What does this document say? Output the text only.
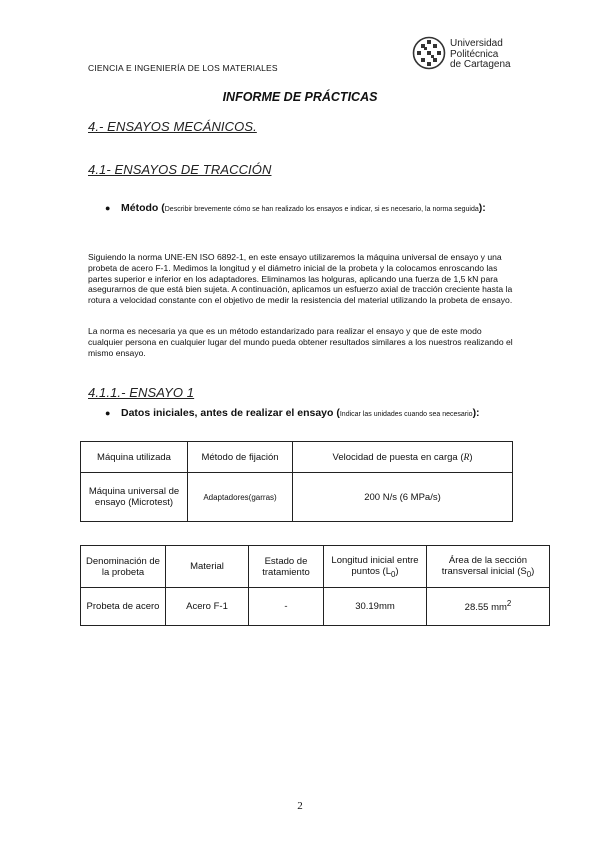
Universidad
Politécnica
de Cartagena
CIENCIA E INGENIERÍA DE LOS MATERIALES
INFORME DE PRÁCTICAS
4.- ENSAYOS MECÁNICOS.
4.1- ENSAYOS DE TRACCIÓN
● Método (Describir brevemente cómo se han realizado los ensayos e indicar, si es necesario, la norma seguida):
Siguiendo la norma UNE-EN ISO 6892-1, en este ensayo utilizaremos la máquina universal de ensayo y una probeta de acero F-1. Medimos la longitud y el diámetro inicial de la probeta y la colocamos enroscando las partes superior e inferior en los adaptadores. Eliminamos las holguras, aplicando una fuerza de 1,5 kN para asegurarnos de que está bien sujeta. A continuación, aplicamos un esfuerzo axial de tracción creciente hasta la rotura a velocidad constante con el objetivo de medir la resistencia del material utilizando la probeta de ensayo.
La norma es necesaria ya que es un método estandarizado para realizar el ensayo y que de este modo cualquier persona en cualquier lugar del mundo pueda obtener resultados similares a los nuestros realizando el mismo ensayo.
4.1.1.- ENSAYO 1
● Datos iniciales, antes de realizar el ensayo (Indicar las unidades cuando sea necesario):
Máquina utilizada	Método de fijación	Velocidad de puesta en carga (R)
Máquina universal de ensayo (Microtest)	Adaptadores(garras)	200 N/s (6 MPa/s)
Denominación de la probeta	Material	Estado de tratamiento	Longitud inicial entre puntos $(L_0)$	Área de la sección transversal inicial $(S_0)$
Probeta de acero	Acero F-1	-	30.19mm	28.55 $mm^2$
2
